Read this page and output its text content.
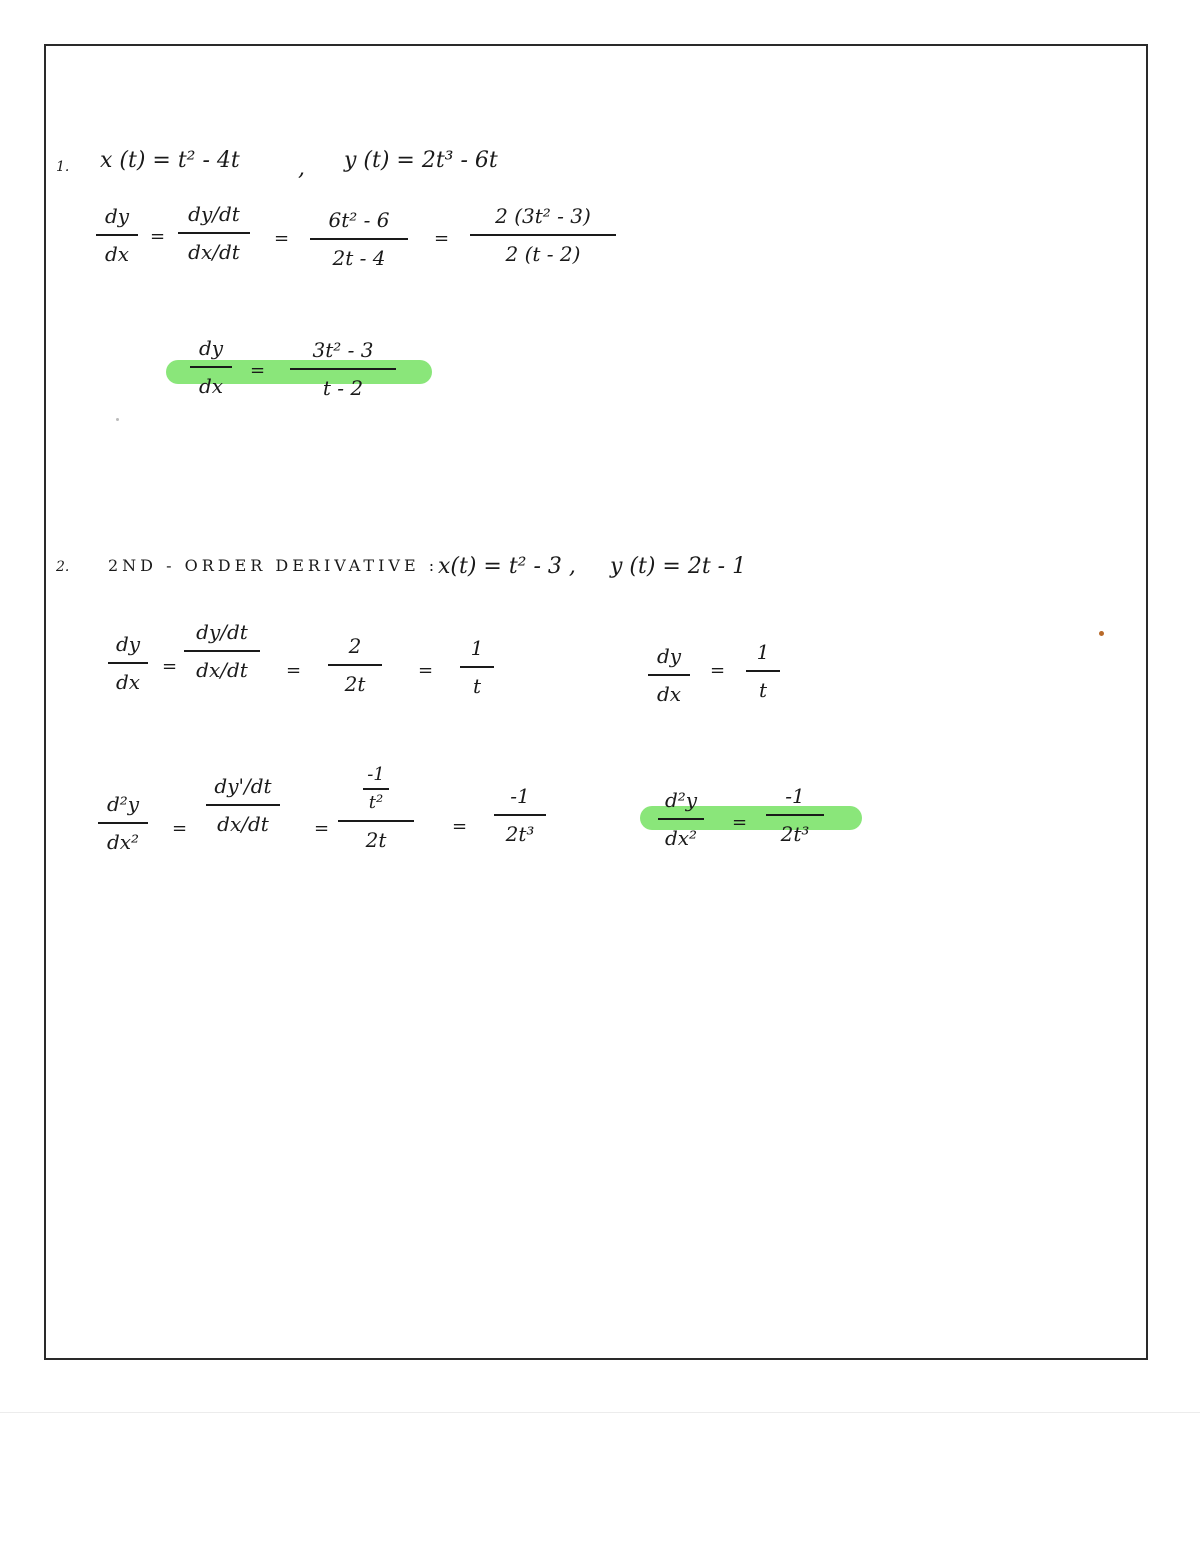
1. x (t) = t² - 4t	, y (t) = 2t³ - 6t
dy
dx
=
dy/dt
dx/dt
=
6t² - 6
2t - 4
=
2 (3t² - 3)
2 (t - 2)
dy
dx
=
3t² - 3
t - 2
2. 2ND - ORDER DERIVATIVE : x(t) = t² - 3 , y (t) = 2t - 1
dy
dx
=
dy/dt
dx/dt =
2
2t
=
1
t
dy
dx
=
1
t
d²y
dx²
=
dy'/dt
dx/dt	=
-1
t²
2t
=
-1
2t³
d²y
dx²
=
-1
2t³
